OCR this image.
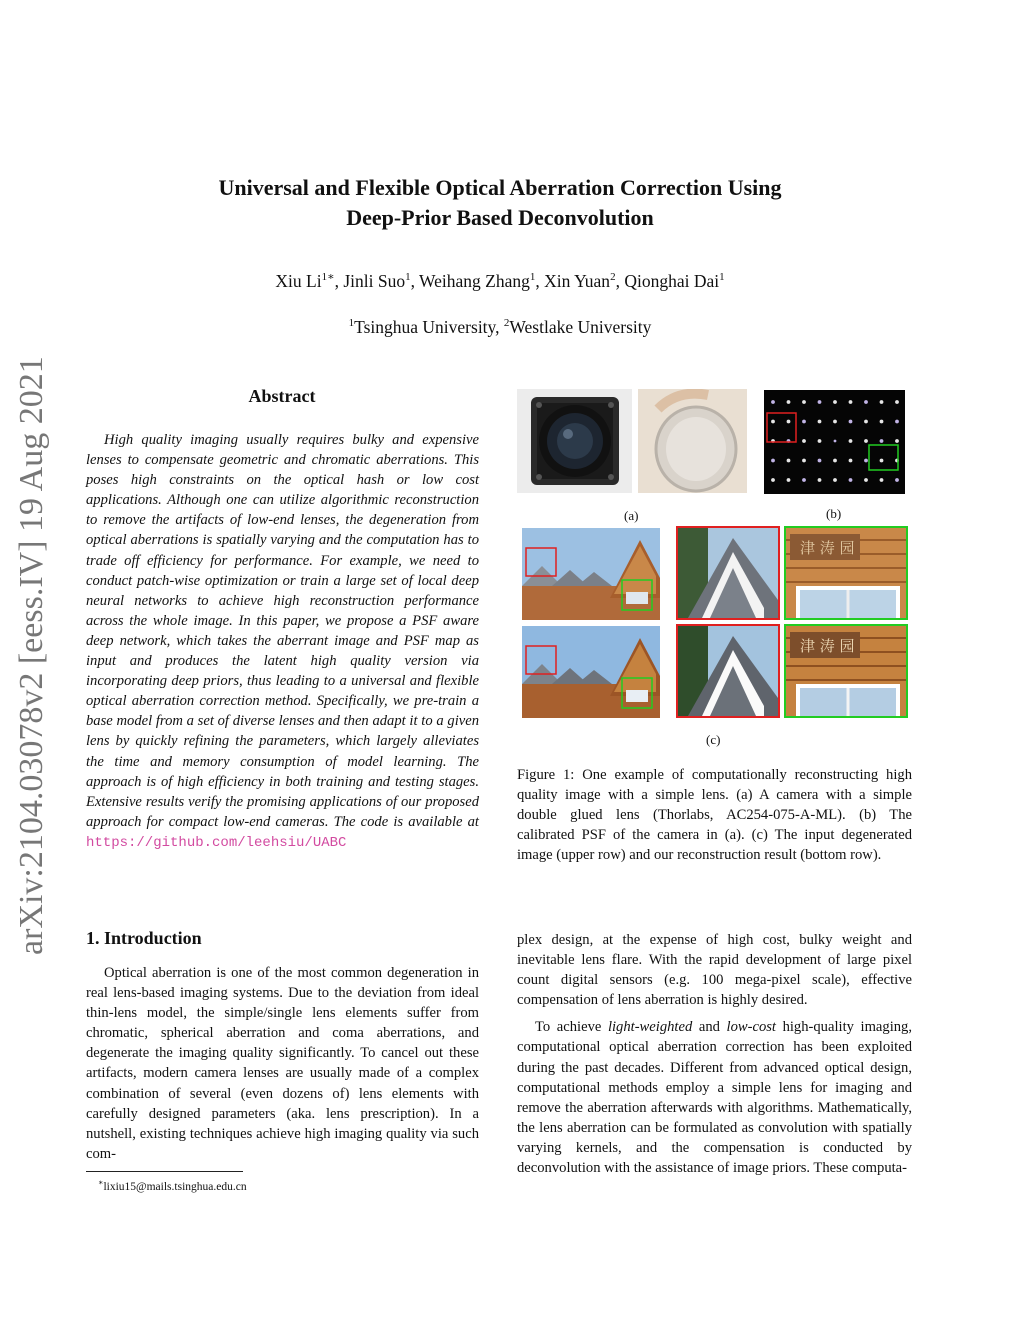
arXiv:2104.03078v2 [eess.IV] 19 Aug 2021
Universal and Flexible Optical Aberration Correction Using
Deep-Prior Based Deconvolution
Xiu $Li^{1∗}$, Jinli Suo$^1$, Weihang Zhang$^1$, Xin Yuan$^2$, Qionghai Dai$^1$
$^1$Tsinghua University, $^2$Westlake University
Abstract
High quality imaging usually requires bulky and expensive lenses to compensate geometric and chromatic aberrations. This poses high constraints on the optical hash or low cost applications. Although one can utilize algorithmic reconstruction to remove the artifacts of low-end lenses, the degeneration from optical aberrations is spatially varying and the computation has to trade off efficiency for performance. For example, we need to conduct patch-wise optimization or train a large set of local deep neural networks to achieve high reconstruction performance across the whole image. In this paper, we propose a PSF aware deep network, which takes the aberrant image and PSF map as input and produces the latent high quality version via incorporating deep priors, thus leading to a universal and flexible optical aberration correction method. Specifically, we pre-train a base model from a set of diverse lenses and then adapt it to a given lens by quickly refining the parameters, which largely alleviates the time and memory consumption of model learning. The approach is of high efficiency in both training and testing stages. Extensive results verify the promising applications of our proposed approach for compact low-end cameras. The code is available at https://github.com/leehsiu/UABC
(a)	(b)
津 涛 园
津 涛 园
(c)
Figure 1: One example of computationally reconstructing high quality image with a simple lens. (a) A camera with a simple double glued lens (Thorlabs, AC254-075-A-ML). (b) The calibrated PSF of the camera in (a). (c) The input degenerated image (upper row) and our reconstruction result (bottom row).
1. Introduction
Optical aberration is one of the most common degeneration in real lens-based imaging systems. Due to the deviation from ideal thin-lens model, the simple/single lens elements suffer from chromatic, spherical aberration and coma aberrations, and degenerate the imaging quality significantly. To cancel out these artifacts, modern camera lenses are usually made of a complex combination of several (even dozens of) lens elements with carefully designed parameters (aka. lens prescription). In a nutshell, existing techniques achieve high imaging quality via such com-
∗lixiu15@mails.tsinghua.edu.cn

plex design, at the expense of high cost, bulky weight and inevitable lens flare. With the rapid development of large pixel count digital sensors (e.g. 100 mega-pixel scale), effective compensation of lens aberration is highly desired.

To achieve light-weighted and low-cost high-quality imaging, computational optical aberration correction has been exploited during the past decades. Different from advanced optical design, computational methods employ a simple lens for imaging and remove the aberration afterwards with algorithms. Mathematically, the lens aberration can be formulated as convolution with spatially varying kernels, and the compensation is conducted by deconvolution with the assistance of image priors. These computa-
